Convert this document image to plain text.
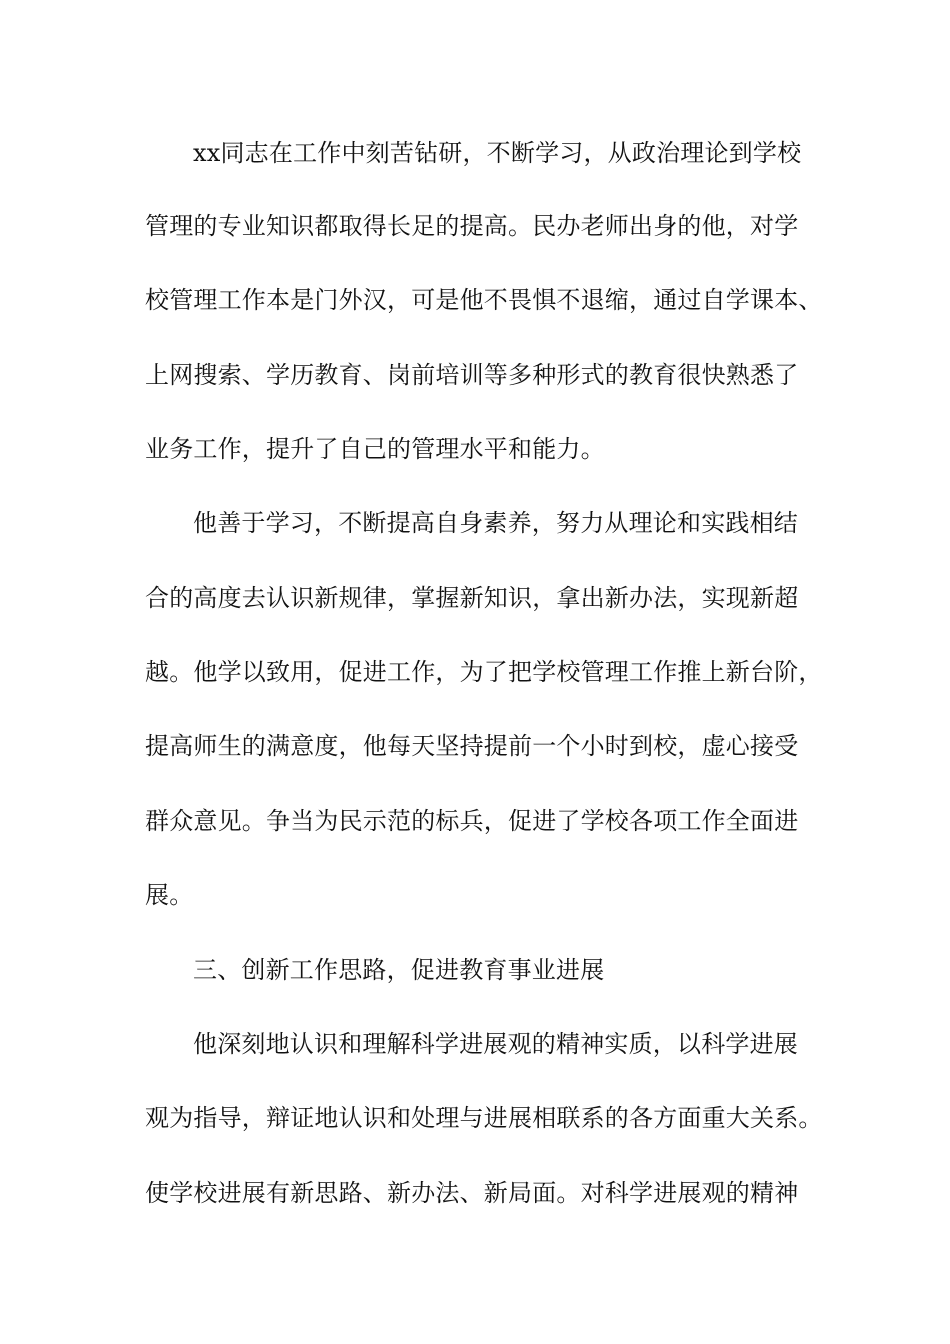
xx同志在工作中刻苦钻研，不断学习，从政治理论到学校
管理的专业知识都取得长足的提高。民办老师出身的他，对学
校管理工作本是门外汉，可是他不畏惧不退缩，通过自学课本、
上网搜索、学历教育、岗前培训等多种形式的教育很快熟悉了
业务工作，提升了自己的管理水平和能力。
他善于学习，不断提高自身素养，努力从理论和实践相结
合的高度去认识新规律，掌握新知识，拿出新办法，实现新超
越。他学以致用，促进工作，为了把学校管理工作推上新台阶，
提高师生的满意度，他每天坚持提前一个小时到校，虚心接受
群众意见。争当为民示范的标兵，促进了学校各项工作全面进
展。
三、创新工作思路，促进教育事业进展
他深刻地认识和理解科学进展观的精神实质，以科学进展
观为指导，辩证地认识和处理与进展相联系的各方面重大关系。
使学校进展有新思路、新办法、新局面。对科学进展观的精神
